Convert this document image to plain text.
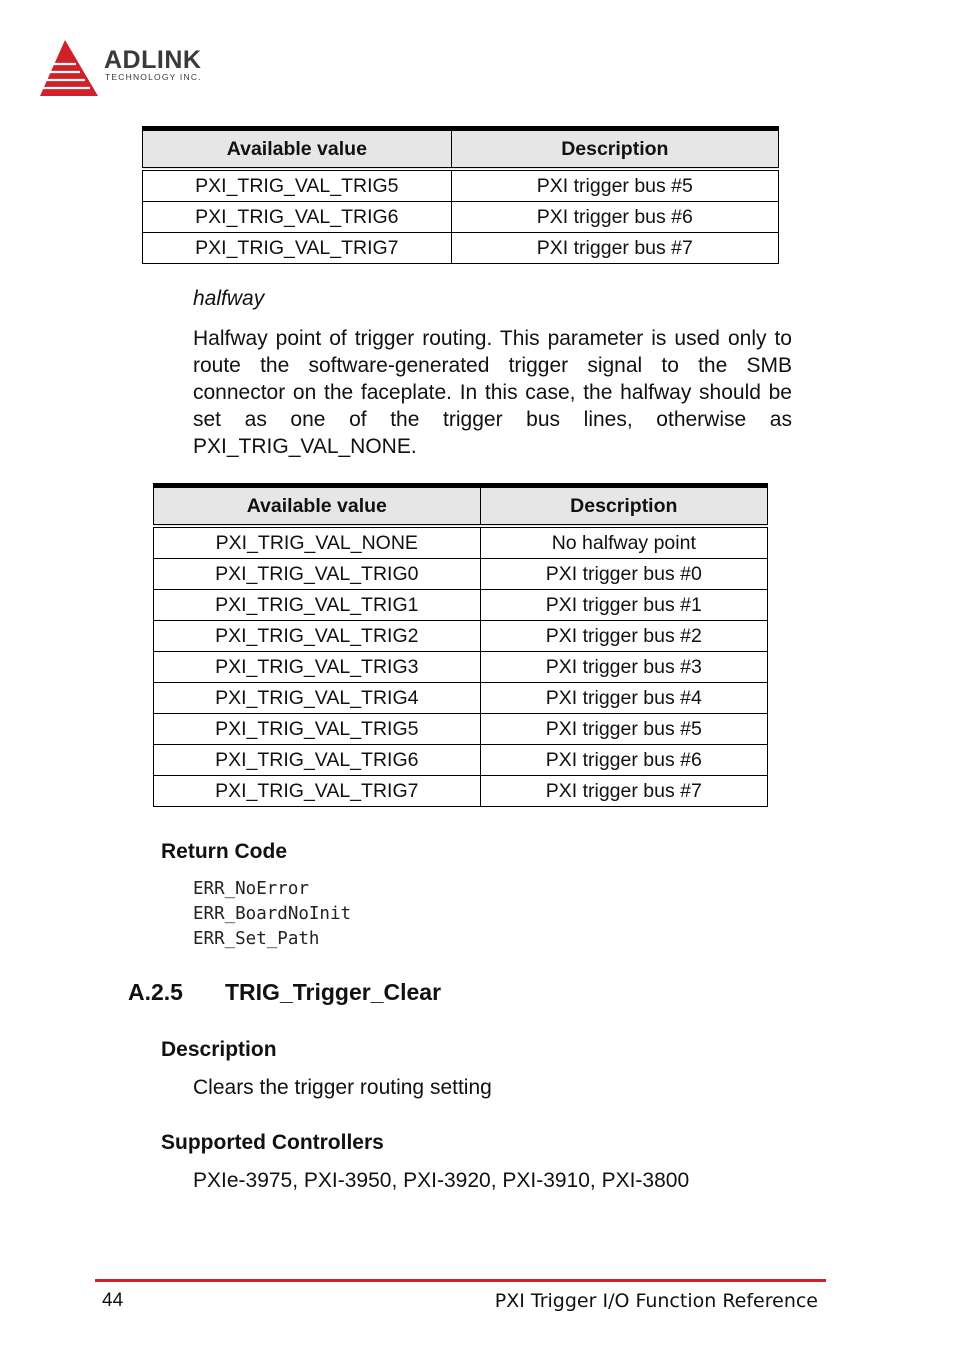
ADLINK
TECHNOLOGY INC.
Available value	Description
PXI_TRIG_VAL_TRIG5	PXI trigger bus #5
PXI_TRIG_VAL_TRIG6	PXI trigger bus #6
PXI_TRIG_VAL_TRIG7	PXI trigger bus #7
halfway

Halfway point of trigger routing. This parameter is used only to route the software-generated trigger signal to the SMB connector on the faceplate. In this case, the halfway should be set as one of the trigger bus lines, otherwise as PXI_TRIG_VAL_NONE.

Available value	Description
PXI_TRIG_VAL_NONE	No halfway point
PXI_TRIG_VAL_TRIG0	PXI trigger bus #0
PXI_TRIG_VAL_TRIG1	PXI trigger bus #1
PXI_TRIG_VAL_TRIG2	PXI trigger bus #2
PXI_TRIG_VAL_TRIG3	PXI trigger bus #3
PXI_TRIG_VAL_TRIG4	PXI trigger bus #4
PXI_TRIG_VAL_TRIG5	PXI trigger bus #5
PXI_TRIG_VAL_TRIG6	PXI trigger bus #6
PXI_TRIG_VAL_TRIG7	PXI trigger bus #7
Return Code
ERR_NoError
ERR_BoardNoInit
ERR_Set_Path
A.2.5 TRIG_Trigger_Clear
Description
Clears the trigger routing setting
Supported Controllers
PXIe-3975, PXI-3950, PXI-3920, PXI-3910, PXI-3800
44	PXI Trigger I/O Function Reference
